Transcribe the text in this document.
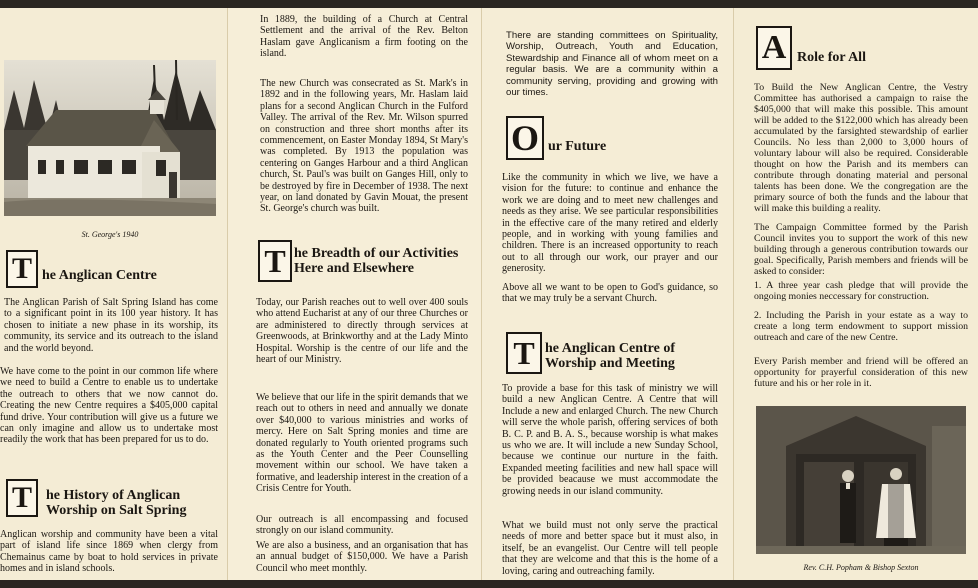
St. George's 1940
T he Anglican Centre
The Anglican Parish of Salt Spring Island has come to a significant point in its 100 year history. It has chosen to initiate a new phase in its worship, its community, its service and its outreach to the island and the world beyond.
We have come to the point in our common life where we need to build a Centre to enable us to undertake the outreach to others that we now cannot do. Creating the new Centre requires a $405,000 capital fund drive. Your contribution will give us a future we can only imagine and allow us to undertake most readily the work that has been prepared for us to do.
T	he History of Anglican Worship on Salt Spring
Anglican worship and community have been a vital part of island life since 1869 when clergy from Chemainus came by boat to hold services in private homes and in island schools.
In 1889, the building of a Church at Central Settlement and the arrival of the Rev. Belton Haslam gave Anglicanism a firm footing on the island.
The new Church was consecrated as St. Mark's in 1892 and in the following years, Mr. Haslam laid plans for a second Anglican Church in the Fulford Valley. The arrival of the Rev. Mr. Wilson spurred on construction and three short months after its commencement, on Easter Monday 1894, St Mary's was completed. By 1913 the population was centering on Ganges Harbour and a third Anglican church, St. Paul's was built on Ganges Hill, only to be destroyed by fire in December of 1938. The next year, on land donated by Gavin Mouat, the present St. George's church was built.
T he Breadth of our Activities Here and Elsewhere
Today, our Parish reaches out to well over 400 souls who attend Eucharist at any of our three Churches or are administered to directly through services at Greenwoods, at Brinkworthy and at the Lady Minto Hospital. Worship is the centre of our life and the heart of our Ministry.
We believe that our life in the spirit demands that we reach out to others in need and annually we donate over $40,000 to various ministries and works of mercy. Here on Salt Spring monies and time are donated regularly to Youth oriented programs such as the Youth Center and the Peer Counselling movement within our school. We have taken a formative, and leadership interest in the creation of a Crisis Centre for Youth.
Our outreach is all encompassing and focused strongly on our island community.
We are also a business, and an organisation that has an annual budget of $150,000. We have a Parish Council who meet monthly.
There are standing committees on Spirituality, Worship, Outreach, Youth and Education, Stewardship and Finance all of whom meet on a regular basis. We are a community within a community serving, providing and growing with our times.
O ur Future
Like the community in which we live, we have a vision for the future: to continue and enhance the work we are doing and to meet new challenges and needs as they arise. We see particular responsibilities in the effective care of the many retired and elderly people, and in working with young families and children. There is an increased opportunity to reach out to all through our work, our prayer and our generosity.
Above all we want to be open to God's guidance, so that we may truly be a servant Church.
T he Anglican Centre of Worship and Meeting
To provide a base for this task of ministry we will build a new Anglican Centre. A Centre that will Include a new and enlarged Church. The new Church will serve the whole parish, offering services of both B. C. P. and B. A. S., because worship is what makes us who we are. It will include a new Sunday School, because we continue our nurture in the faith. Expanded meeting facilities and new hall space will be provided beacause we must accommodate the growing needs in our island community.
What we build must not only serve the practical needs of more and better space but it must also, in itself, be an evangelist. Our Centre will tell people that they are welcome and that this is the home of a loving, caring and outreaching family.
A Role for All
To Build the New Anglican Centre, the Vestry Committee has authorised a campaign to raise the $405,000 that will make this possible. This amount will be added to the $122,000 which has already been accumulated by the farsighted stewardship of earlier Councils. No less than 2,000 to 3,000 hours of voluntary labour will also be required. Considerable thought on how the Parish and its members can contribute through donating material and personal talents has been done. We the congregation are the primary source of both the funds and the labour that will make this building a reality.
The Campaign Committee formed by the Parish Council invites you to support the work of this new building through a generous contribution towards our goal. Specifically, Parish members and friends will be asked to consider:
1. A three year cash pledge that will provide the ongoing monies neccessary for construction.
2. Including the Parish in your estate as a way to create a long term endowment to support mission outreach and care of the new Centre.
Every Parish member and friend will be offered an opportunity for prayerful consideration of this new future and his or her role in it.
Rev. C.H. Popham & Bishop Sexton
